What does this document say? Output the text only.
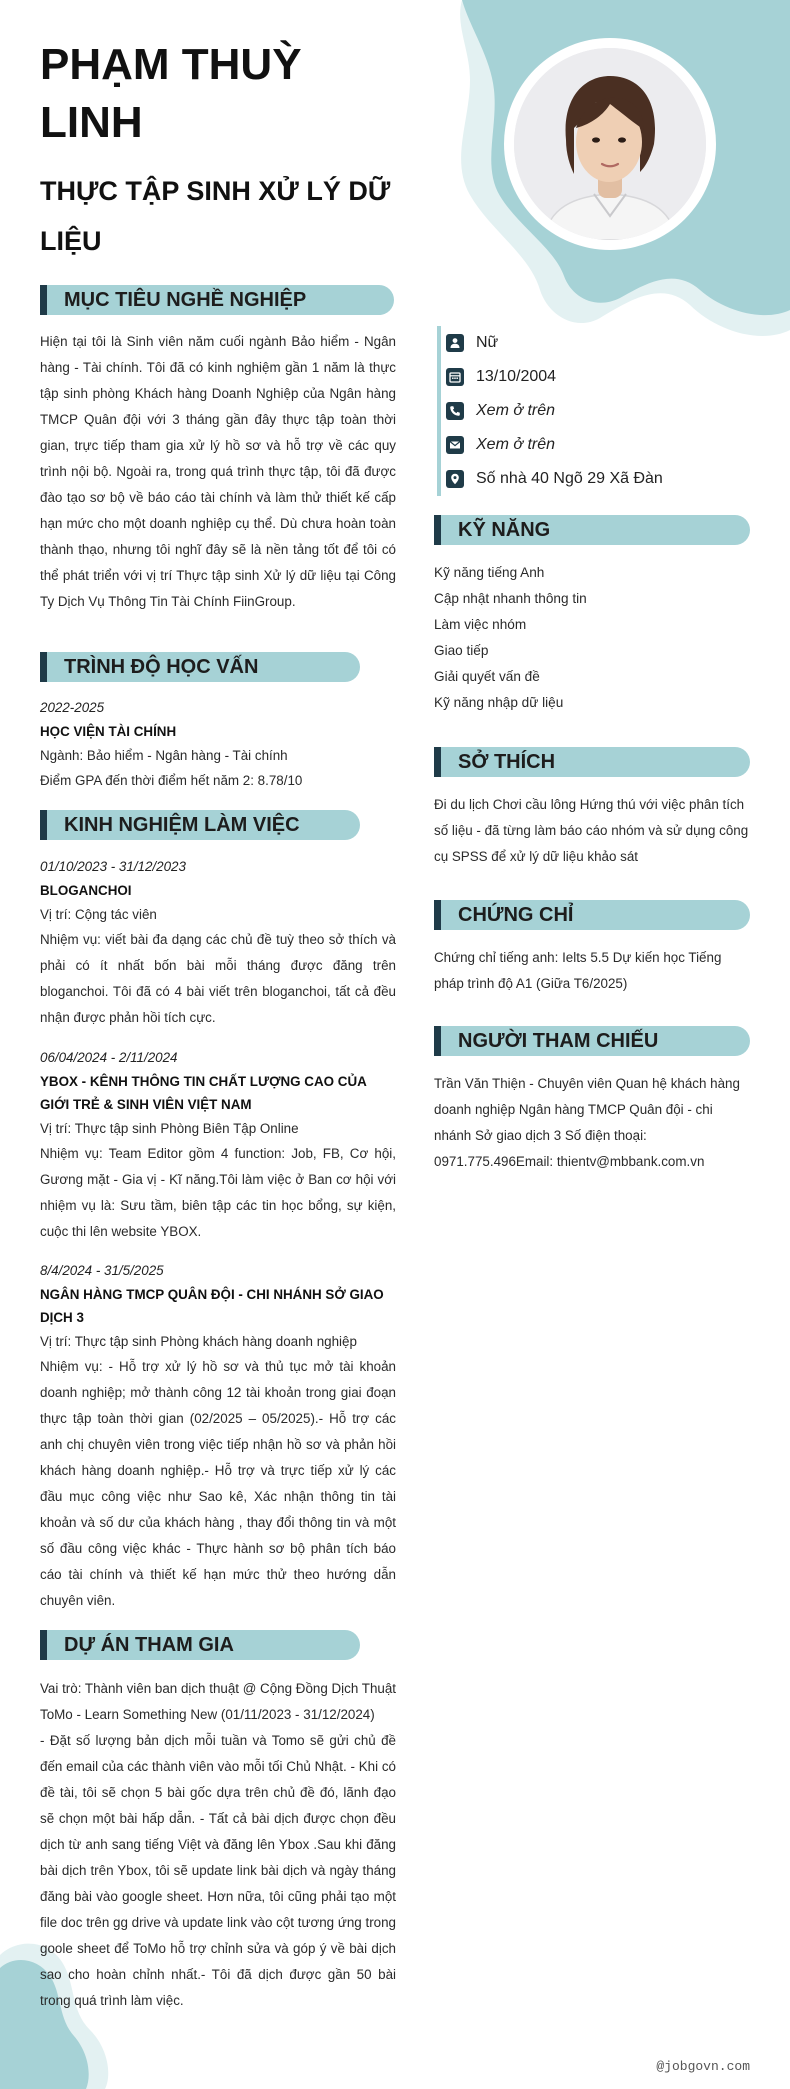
PHẠM THUỲ LINH
THỰC TẬP SINH XỬ LÝ DỮ LIỆU
MỤC TIÊU NGHỀ NGHIỆP

Hiện tại tôi là Sinh viên năm cuối ngành Bảo hiểm - Ngân hàng - Tài chính. Tôi đã có kinh nghiệm gần 1 năm là thực tập sinh phòng Khách hàng Doanh Nghiệp của Ngân hàng TMCP Quân đội với 3 tháng gần đây thực tập toàn thời gian, trực tiếp tham gia xử lý hồ sơ và hỗ trợ về các quy trình nội bộ. Ngoài ra, trong quá trình thực tập, tôi đã được đào tạo sơ bộ về báo cáo tài chính và làm thử thiết kế cấp hạn mức cho một doanh nghiệp cụ thể. Dù chưa hoàn toàn thành thạo, nhưng tôi nghĩ đây sẽ là nền tảng tốt để tôi có thể phát triển với vị trí Thực tập sinh Xử lý dữ liệu tại Công Ty Dịch Vụ Thông Tin Tài Chính FiinGroup.

TRÌNH ĐỘ HỌC VẤN
2022-2025
HỌC VIỆN TÀI CHÍNH
Ngành: Bảo hiểm - Ngân hàng - Tài chính
Điểm GPA đến thời điểm hết năm 2: 8.78/10
KINH NGHIỆM LÀM VIỆC
01/10/2023 - 31/12/2023
BLOGANCHOI
Vị trí: Cộng tác viên
Nhiệm vụ: viết bài đa dạng các chủ đề tuỳ theo sở thích và phải có ít nhất bốn bài mỗi tháng được đăng trên bloganchoi. Tôi đã có 4 bài viết trên bloganchoi, tất cả đều nhận được phản hồi tích cực.
06/04/2024 - 2/11/2024
YBOX - KÊNH THÔNG TIN CHẤT LƯỢNG CAO CỦA GIỚI TRẺ & SINH VIÊN VIỆT NAM
Vị trí: Thực tập sinh Phòng Biên Tập Online
Nhiệm vụ: Team Editor gồm 4 function: Job, FB, Cơ hội, Gương mặt - Gia vị - Kĩ năng.Tôi làm việc ở Ban cơ hội với nhiệm vụ là: Sưu tầm, biên tập các tin học bổng, sự kiện, cuộc thi lên website YBOX.
8/4/2024 - 31/5/2025
NGÂN HÀNG TMCP QUÂN ĐỘI - CHI NHÁNH SỞ GIAO DỊCH 3
Vị trí: Thực tập sinh Phòng khách hàng doanh nghiệp
Nhiệm vụ: - Hỗ trợ xử lý hồ sơ và thủ tục mở tài khoản doanh nghiệp; mở thành công 12 tài khoản trong giai đoạn thực tập toàn thời gian (02/2025 – 05/2025).- Hỗ trợ các anh chị chuyên viên trong việc tiếp nhận hồ sơ và phản hồi khách hàng doanh nghiệp.- Hỗ trợ và trực tiếp xử lý các đầu mục công việc như Sao kê, Xác nhận thông tin tài khoản và số dư của khách hàng , thay đổi thông tin và một số đầu công việc khác - Thực hành sơ bộ phân tích báo cáo tài chính và thiết kế hạn mức thử theo hướng dẫn chuyên viên.
DỰ ÁN THAM GIA
Vai trò: Thành viên ban dịch thuật @ Cộng Đồng Dịch Thuật ToMo - Learn Something New (01/11/2023 - 31/12/2024)
- Đặt số lượng bản dịch mỗi tuần và Tomo sẽ gửi chủ đề đến email của các thành viên vào mỗi tối Chủ Nhật. - Khi có đề tài, tôi sẽ chọn 5 bài gốc dựa trên chủ đề đó, lãnh đạo sẽ chọn một bài hấp dẫn. - Tất cả bài dịch được chọn đều dịch từ anh sang tiếng Việt và đăng lên Ybox .Sau khi đăng bài dịch trên Ybox, tôi sẽ update link bài dịch và ngày tháng đăng bài vào google sheet. Hơn nữa, tôi cũng phải tạo một file doc trên gg drive và update link vào cột tương ứng trong goole sheet để ToMo hỗ trợ chỉnh sửa và góp ý về bài dịch sao cho hoàn chỉnh nhất.- Tôi đã dịch được gần 50 bài trong quá trình làm việc.
Nữ
13/10/2004
Xem ở trên
Xem ở trên
Số nhà 40 Ngõ 29 Xã Đàn
KỸ NĂNG
Kỹ năng tiếng Anh
Cập nhật nhanh thông tin
Làm việc nhóm
Giao tiếp
Giải quyết vấn đề
Kỹ năng nhập dữ liệu
SỞ THÍCH

Đi du lịch Chơi cầu lông Hứng thú với việc phân tích số liệu - đã từng làm báo cáo nhóm và sử dụng công cụ SPSS để xử lý dữ liệu khảo sát

CHỨNG CHỈ

Chứng chỉ tiếng anh: Ielts 5.5 Dự kiến học Tiếng pháp trình độ A1 (Giữa T6/2025)

NGƯỜI THAM CHIẾU

Trần Văn Thiện - Chuyên viên Quan hệ khách hàng doanh nghiệp Ngân hàng TMCP Quân đội - chi nhánh Sở giao dịch 3 Số điện thoại: 0971.775.496Email: thientv@mbbank.com.vn

@jobgovn.com
